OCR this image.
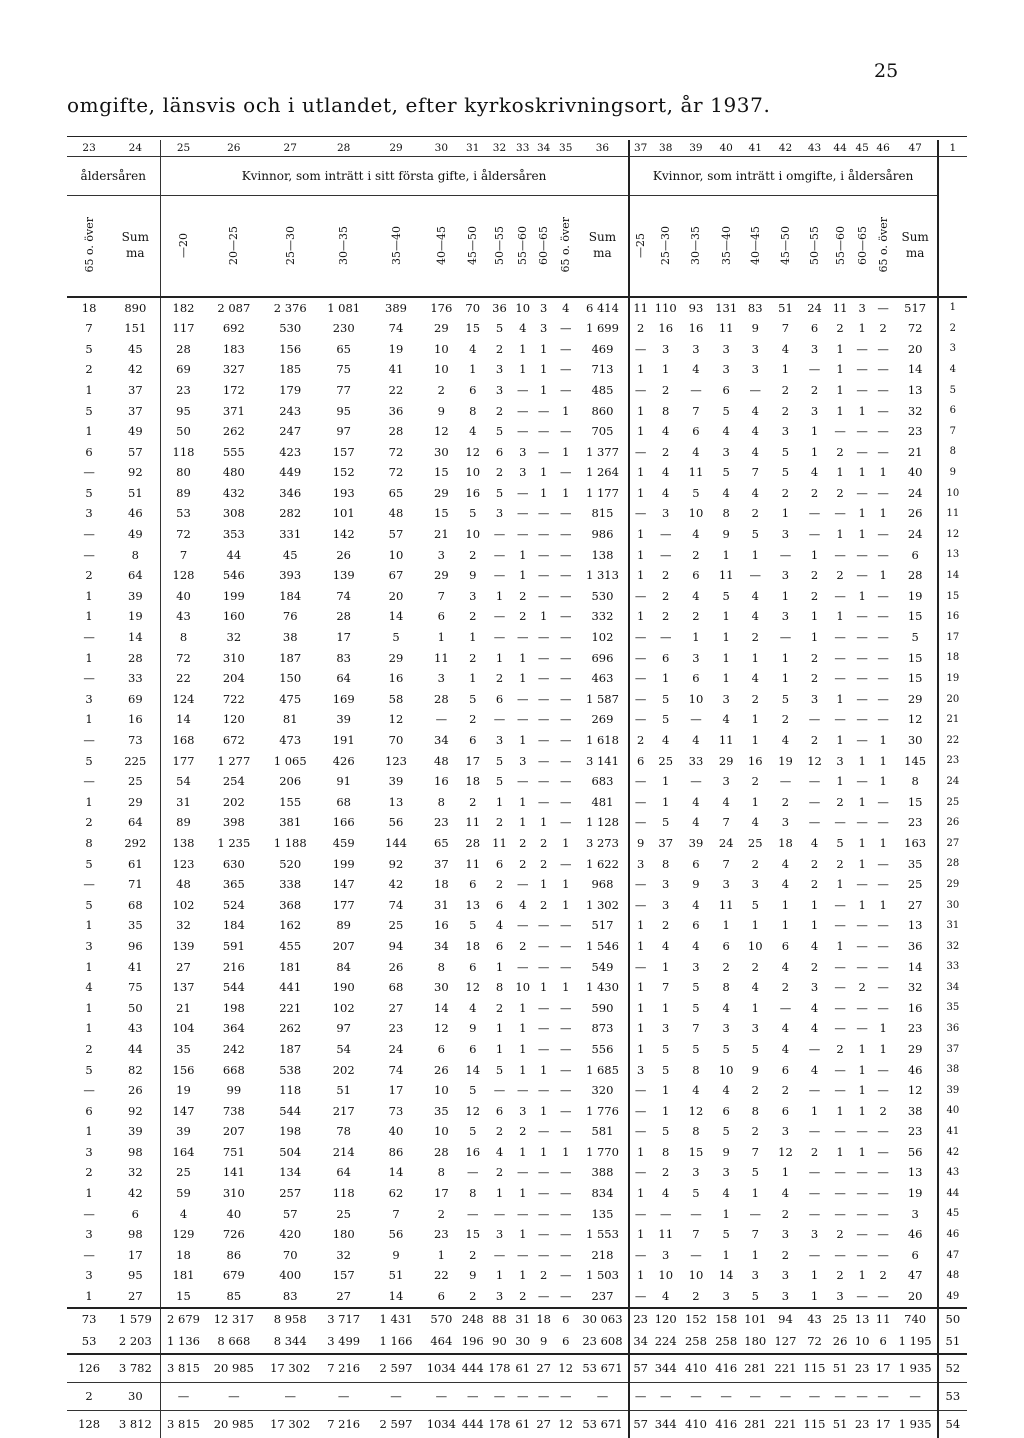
25
omgifte, länsvis och i utlandet, efter kyrkoskrivningsort, år 1937.
23	24	25	26	27	28	29	30	31	32	33	34	35	36	37	38	39	40	41	42	43	44	45	46	47	1
åldersåren		Kvinnor, som inträtt i sitt första gifte, i åldersåren												Kvinnor, som inträtt i omgifte, i åldersåren											
65 o. över	Summa	—20	20—25	25—30	30—35	35—40	40—45	45—50	50—55	55—60	60—65	65 o. över	Summa	—25	25—30	30—35	35—40	40—45	45—50	50—55	55—60	60—65	65 o. över	Summa	
18	890	182	2 087	2 376	1 081	389	176	70	36	10	3	4	6 414	11	110	93	131	83	51	24	11	3	—	517	1
7	151	117	692	530	230	74	29	15	5	4	3	—	1 699	2	16	16	11	9	7	6	2	1	2	72	2
5	45	28	183	156	65	19	10	4	2	1	1	—	469	—	3	3	3	3	4	3	1	—	—	20	3
2	42	69	327	185	75	41	10	1	3	1	1	—	713	1	1	4	3	3	1	—	1	—	—	14	4
1	37	23	172	179	77	22	2	6	3	—	1	—	485	—	2	—	6	—	2	2	1	—	—	13	5
5	37	95	371	243	95	36	9	8	2	—	—	1	860	1	8	7	5	4	2	3	1	1	—	32	6
1	49	50	262	247	97	28	12	4	5	—	—	—	705	1	4	6	4	4	3	1	—	—	—	23	7
6	57	118	555	423	157	72	30	12	6	3	—	1	1 377	—	2	4	3	4	5	1	2	—	—	21	8
—	92	80	480	449	152	72	15	10	2	3	1	—	1 264	1	4	11	5	7	5	4	1	1	1	40	9
5	51	89	432	346	193	65	29	16	5	—	1	1	1 177	1	4	5	4	4	2	2	2	—	—	24	10
3	46	53	308	282	101	48	15	5	3	—	—	—	815	—	3	10	8	2	1	—	—	1	1	26	11
—	49	72	353	331	142	57	21	10	—	—	—	—	986	1	—	4	9	5	3	—	1	1	—	24	12
—	8	7	44	45	26	10	3	2	—	1	—	—	138	1	—	2	1	1	—	1	—	—	—	6	13
2	64	128	546	393	139	67	29	9	—	1	—	—	1 313	1	2	6	11	—	3	2	2	—	1	28	14
1	39	40	199	184	74	20	7	3	1	2	—	—	530	—	2	4	5	4	1	2	—	1	—	19	15
1	19	43	160	76	28	14	6	2	—	2	1	—	332	1	2	2	1	4	3	1	1	—	—	15	16
—	14	8	32	38	17	5	1	1	—	—	—	—	102	—	—	1	1	2	—	1	—	—	—	5	17
1	28	72	310	187	83	29	11	2	1	1	—	—	696	—	6	3	1	1	1	2	—	—	—	15	18
—	33	22	204	150	64	16	3	1	2	1	—	—	463	—	1	6	1	4	1	2	—	—	—	15	19
3	69	124	722	475	169	58	28	5	6	—	—	—	1 587	—	5	10	3	2	5	3	1	—	—	29	20
1	16	14	120	81	39	12	—	2	—	—	—	—	269	—	5	—	4	1	2	—	—	—	—	12	21
—	73	168	672	473	191	70	34	6	3	1	—	—	1 618	2	4	4	11	1	4	2	1	—	1	30	22
5	225	177	1 277	1 065	426	123	48	17	5	3	—	—	3 141	6	25	33	29	16	19	12	3	1	1	145	23
—	25	54	254	206	91	39	16	18	5	—	—	—	683	—	1	—	3	2	—	—	1	—	1	8	24
1	29	31	202	155	68	13	8	2	1	1	—	—	481	—	1	4	4	1	2	—	2	1	—	15	25
2	64	89	398	381	166	56	23	11	2	1	1	—	1 128	—	5	4	7	4	3	—	—	—	—	23	26
8	292	138	1 235	1 188	459	144	65	28	11	2	2	1	3 273	9	37	39	24	25	18	4	5	1	1	163	27
5	61	123	630	520	199	92	37	11	6	2	2	—	1 622	3	8	6	7	2	4	2	2	1	—	35	28
—	71	48	365	338	147	42	18	6	2	—	1	1	968	—	3	9	3	3	4	2	1	—	—	25	29
5	68	102	524	368	177	74	31	13	6	4	2	1	1 302	—	3	4	11	5	1	1	—	1	1	27	30
1	35	32	184	162	89	25	16	5	4	—	—	—	517	1	2	6	1	1	1	1	—	—	—	13	31
3	96	139	591	455	207	94	34	18	6	2	—	—	1 546	1	4	4	6	10	6	4	1	—	—	36	32
1	41	27	216	181	84	26	8	6	1	—	—	—	549	—	1	3	2	2	4	2	—	—	—	14	33
4	75	137	544	441	190	68	30	12	8	10	1	1	1 430	1	7	5	8	4	2	3	—	2	—	32	34
1	50	21	198	221	102	27	14	4	2	1	—	—	590	1	1	5	4	1	—	4	—	—	—	16	35
1	43	104	364	262	97	23	12	9	1	1	—	—	873	1	3	7	3	3	4	4	—	—	1	23	36
2	44	35	242	187	54	24	6	6	1	1	—	—	556	1	5	5	5	5	4	—	2	1	1	29	37
5	82	156	668	538	202	74	26	14	5	1	1	—	1 685	3	5	8	10	9	6	4	—	1	—	46	38
—	26	19	99	118	51	17	10	5	—	—	—	—	320	—	1	4	4	2	2	—	—	1	—	12	39
6	92	147	738	544	217	73	35	12	6	3	1	—	1 776	—	1	12	6	8	6	1	1	1	2	38	40
1	39	39	207	198	78	40	10	5	2	2	—	—	581	—	5	8	5	2	3	—	—	—	—	23	41
3	98	164	751	504	214	86	28	16	4	1	1	1	1 770	1	8	15	9	7	12	2	1	1	—	56	42
2	32	25	141	134	64	14	8	—	2	—	—	—	388	—	2	3	3	5	1	—	—	—	—	13	43
1	42	59	310	257	118	62	17	8	1	1	—	—	834	1	4	5	4	1	4	—	—	—	—	19	44
—	6	4	40	57	25	7	2	—	—	—	—	—	135	—	—	—	1	—	2	—	—	—	—	3	45
3	98	129	726	420	180	56	23	15	3	1	—	—	1 553	1	11	7	5	7	3	3	2	—	—	46	46
—	17	18	86	70	32	9	1	2	—	—	—	—	218	—	3	—	1	1	2	—	—	—	—	6	47
3	95	181	679	400	157	51	22	9	1	1	2	—	1 503	1	10	10	14	3	3	1	2	1	2	47	48
1	27	15	85	83	27	14	6	2	3	2	—	—	237	—	4	2	3	5	3	1	3	—	—	20	49
73	1 579	2 679	12 317	8 958	3 717	1 431	570	248	88	31	18	6	30 063	23	120	152	158	101	94	43	25	13	11	740	50
53	2 203	1 136	8 668	8 344	3 499	1 166	464	196	90	30	9	6	23 608	34	224	258	258	180	127	72	26	10	6	1 195	51
126	3 782	3 815	20 985	17 302	7 216	2 597	1034	444	178	61	27	12	53 671	57	344	410	416	281	221	115	51	23	17	1 935	52
2	30	—	—	—	—	—	—	—	—	—	—	—	—	—	—	—	—	—	—	—	—	—	—	—	53
128	3 812	3 815	20 985	17 302	7 216	2 597	1034	444	178	61	27	12	53 671	57	344	410	416	281	221	115	51	23	17	1 935	54
